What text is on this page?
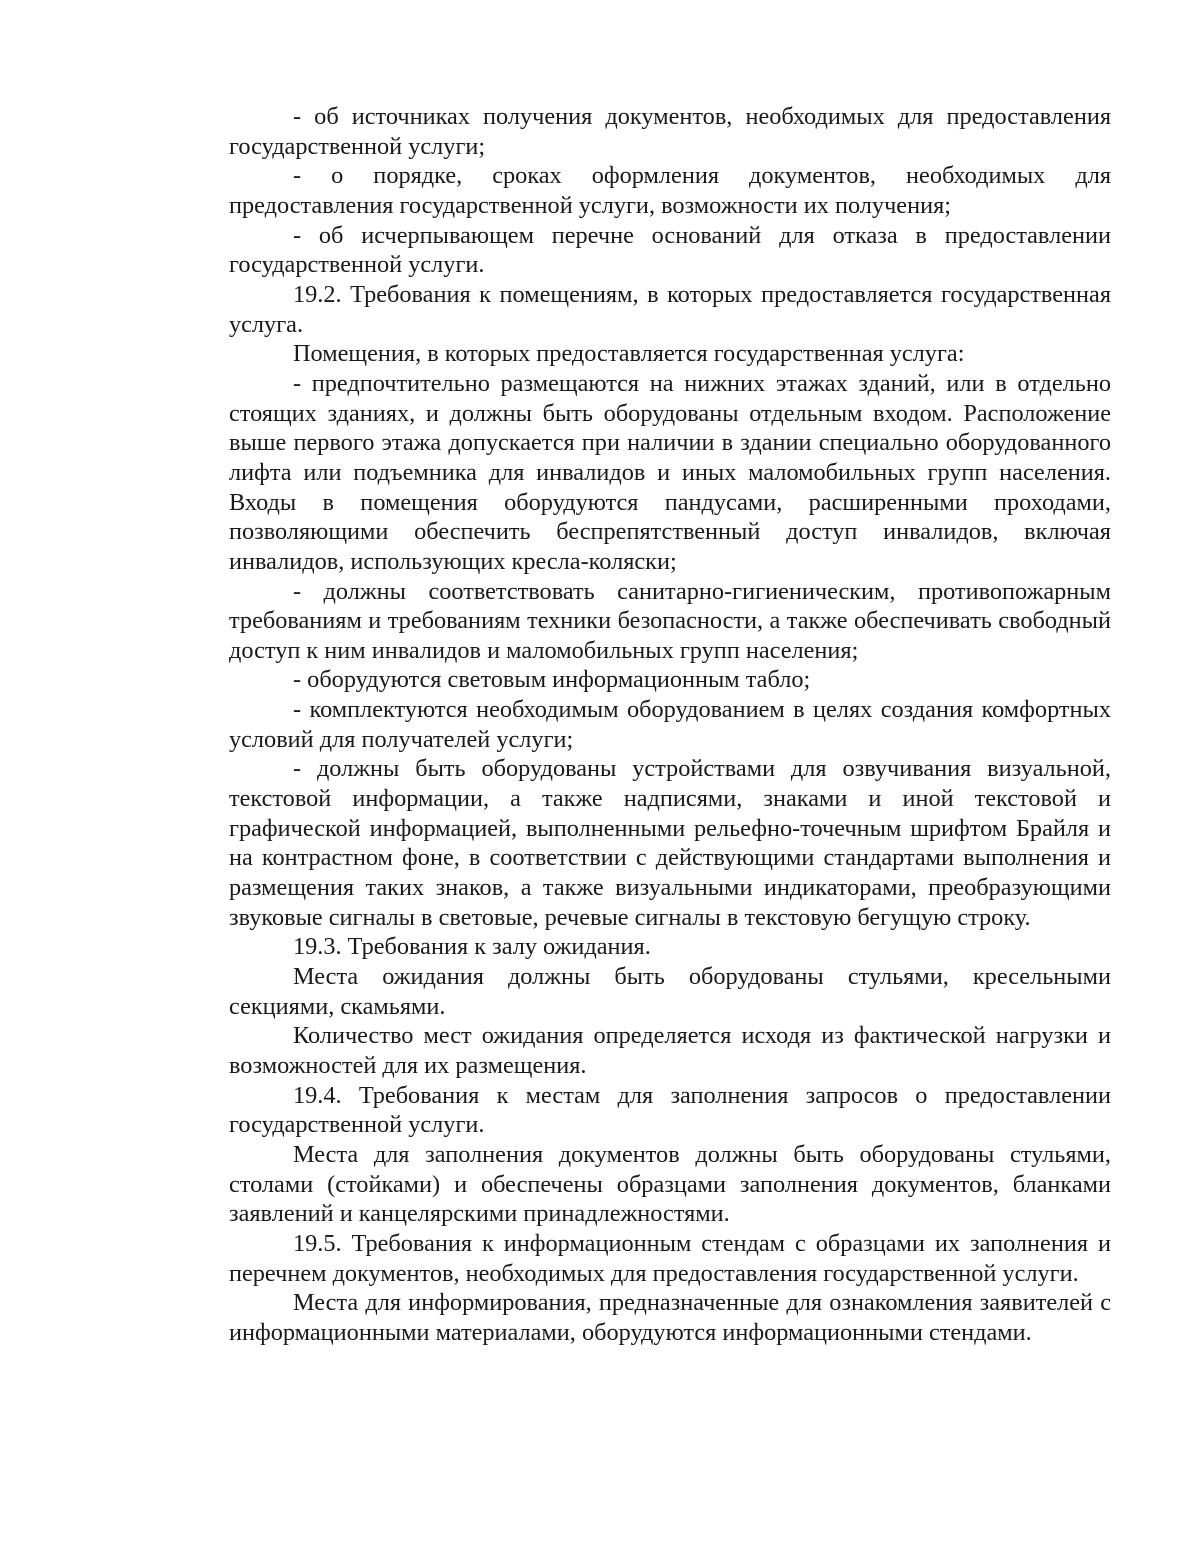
- об источниках получения документов, необходимых для предоставления государственной услуги;

- о порядке, сроках оформления документов, необходимых для предоставления государственной услуги, возможности их получения;

- об исчерпывающем перечне оснований для отказа в предоставлении государственной услуги.

19.2. Требования к помещениям, в которых предоставляется государственная услуга.

Помещения, в которых предоставляется государственная услуга:

- предпочтительно размещаются на нижних этажах зданий, или в отдельно стоящих зданиях, и должны быть оборудованы отдельным входом. Расположение выше первого этажа допускается при наличии в здании специально оборудованного лифта или подъемника для инвалидов и иных маломобильных групп населения. Входы в помещения оборудуются пандусами, расширенными проходами, позволяющими обеспечить беспрепятственный доступ инвалидов, включая инвалидов, использующих кресла-коляски;

- должны соответствовать санитарно-гигиеническим, противопожарным требованиям и требованиям техники безопасности, а также обеспечивать свободный доступ к ним инвалидов и маломобильных групп населения;

- оборудуются световым информационным табло;

- комплектуются необходимым оборудованием в целях создания комфортных условий для получателей услуги;

- должны быть оборудованы устройствами для озвучивания визуальной, текстовой информации, а также надписями, знаками и иной текстовой и графической информацией, выполненными рельефно-точечным шрифтом Брайля и на контрастном фоне, в соответствии с действующими стандартами выполнения и размещения таких знаков, а также визуальными индикаторами, преобразующими звуковые сигналы в световые, речевые сигналы в текстовую бегущую строку.

19.3. Требования к залу ожидания.

Места ожидания должны быть оборудованы стульями, кресельными секциями, скамьями.

Количество мест ожидания определяется исходя из фактической нагрузки и возможностей для их размещения.

19.4. Требования к местам для заполнения запросов о предоставлении государственной услуги.

Места для заполнения документов должны быть оборудованы стульями, столами (стойками) и обеспечены образцами заполнения документов, бланками заявлений и канцелярскими принадлежностями.

19.5. Требования к информационным стендам с образцами их заполнения и перечнем документов, необходимых для предоставления государственной услуги.

Места для информирования, предназначенные для ознакомления заявителей с информационными материалами, оборудуются информационными стендами.
